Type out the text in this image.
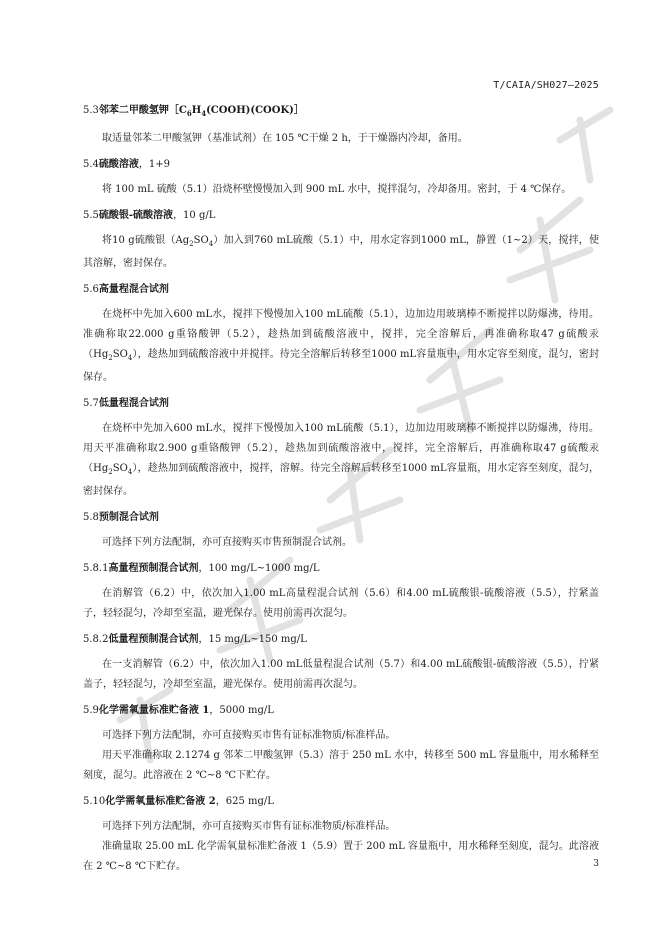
T/CAIA/SH027—2025
5.3邻苯二甲酸氢钾$[C_6H_4(COOH)(COOK)]$
取适量邻苯二甲酸氢钾（基准试剂）在 105 ℃干燥 2 h，于干燥器内冷却，备用。
5.4硫酸溶液，1+9
将 100 mL 硫酸（5.1）沿烧杯壁慢慢加入到 900 mL 水中，搅拌混匀，冷却备用。密封，于 4 ℃保存。
5.5硫酸银-硫酸溶液，10 g/L
将10 g硫酸银$(Ag_2SO_4)$加入到760 mL硫酸（5.1）中，用水定容到1000 mL，静置（1~2）天，搅拌，使其溶解，密封保存。
5.6高量程混合试剂
在烧杯中先加入600 mL水，搅拌下慢慢加入100 mL硫酸（5.1），边加边用玻璃棒不断搅拌以防爆沸，待用。准确称取22.000 g重铬酸钾（5.2），趁热加到硫酸溶液中，搅拌，完全溶解后，再准确称取47 g硫酸汞$(Hg_2SO_4)$，趁热加到硫酸溶液中并搅拌。待完全溶解后转移至1000 mL容量瓶中，用水定容至刻度，混匀，密封保存。
5.7低量程混合试剂
在烧杯中先加入600 mL水，搅拌下慢慢加入100 mL硫酸（5.1），边加边用玻璃棒不断搅拌以防爆沸，待用。用天平准确称取2.900 g重铬酸钾（5.2），趁热加到硫酸溶液中，搅拌，完全溶解后，再准确称取47 g硫酸汞$(Hg_2SO_4)$，趁热加到硫酸溶液中，搅拌，溶解。待完全溶解后转移至1000 mL容量瓶，用水定容至刻度，混匀，密封保存。
5.8预制混合试剂
可选择下列方法配制，亦可直接购买市售预制混合试剂。
5.8.1高量程预制混合试剂，100 mg/L~1000 mg/L
在消解管（6.2）中，依次加入1.00 mL高量程混合试剂（5.6）和4.00 mL硫酸银-硫酸溶液（5.5），拧紧盖子，轻轻混匀，冷却至室温，避光保存。使用前需再次混匀。
5.8.2低量程预制混合试剂，15 mg/L~150 mg/L
在一支消解管（6.2）中，依次加入1.00 mL低量程混合试剂（5.7）和4.00 mL硫酸银-硫酸溶液（5.5），拧紧盖子，轻轻混匀，冷却至室温，避光保存。使用前需再次混匀。
5.9化学需氧量标准贮备液 1，5000 mg/L
可选择下列方法配制，亦可直接购买市售有证标准物质/标准样品。
用天平准确称取 2.1274 g 邻苯二甲酸氢钾（5.3）溶于 250 mL 水中，转移至 500 mL 容量瓶中，用水稀释至刻度，混匀。此溶液在 2 ℃~8 ℃下贮存。
5.10化学需氧量标准贮备液 2，625 mg/L
可选择下列方法配制，亦可直接购买市售有证标准物质/标准样品。
准确量取 25.00 mL 化学需氧量标准贮备液 1（5.9）置于 200 mL 容量瓶中，用水稀释至刻度，混匀。此溶液在 2 ℃~8 ℃下贮存。	3
